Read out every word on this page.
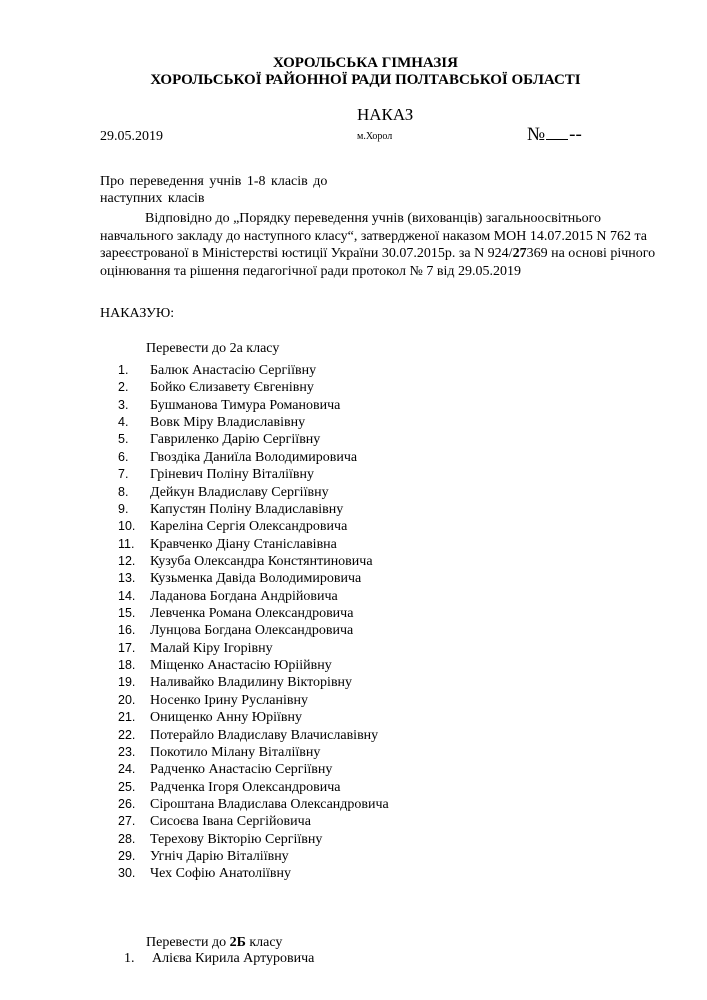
ХОРОЛЬСЬКА ГІМНАЗІЯ
ХОРОЛЬСЬКОЇ РАЙОННОЇ РАДИ ПОЛТАВСЬКОЇ ОБЛАСТІ
НАКАЗ
29.05.2019	м.Хорол	№ --
Про переведення учнів 1-8 класів до
наступних класів
Відповідно до „Порядку переведення учнів (вихованців) загальноосвітнього
навчального закладу до наступного класу“, затвердженої наказом МОН 14.07.2015 N 762 та
зареєстрованої в Міністерстві юстиції України 30.07.2015р. за N 924/27369 на основі річного
оцінювання та рішення педагогічної ради протокол № 7 від 29.05.2019
НАКАЗУЮ:
Перевести до 2а класу
1.	Балюк Анастасію Сергіївну
2.	Бойко Єлизавету Євгенівну
3.	Бушманова Тимура Романовича
4.	Вовк Міру Владиславівну
5.	Гавриленко Дарію Сергіївну
6.	Гвоздіка Даниїла Володимировича
7.	Гріневич Поліну Віталіївну
8.	Дейкун Владиславу Сергіївну
9.	Капустян Поліну Владиславівну
10.	Карелiна Сергія Олександровича
11.	Кравченко Діану Станіславівна
12.	Кузуба Олександра Констянтиновича
13.	Кузьменка Давіда Володимировича
14.	Ладанова Богдана Андрійовича
15.	Левченка Романа Олександровича
16.	Лунцова Богдана Олександровича
17.	Малай Кіру Ігорівну
18.	Міщенко Анастасію Юріійвну
19.	Наливайко Владилину Вікторівну
20.	Носенко Ірину Русланівну
21.	Онищенко Анну Юріївну
22.	Потерайло Владиславу Влачиславівну
23.	Покотило Мілану Віталіївну
24.	Радченко Анастасію Сергіївну
25.	Радченка Ігоря Олександровича
26.	Сіроштана Владислава Олександровича
27.	Сисоєва Івана Сергійовича
28.	Терехову Вікторію Сергіївну
29.	Угніч Дарію Віталіївну
30.	Чех Софію Анатоліївну
Перевести до 2Б класу
1.	Алієва Кирила Артуровича
